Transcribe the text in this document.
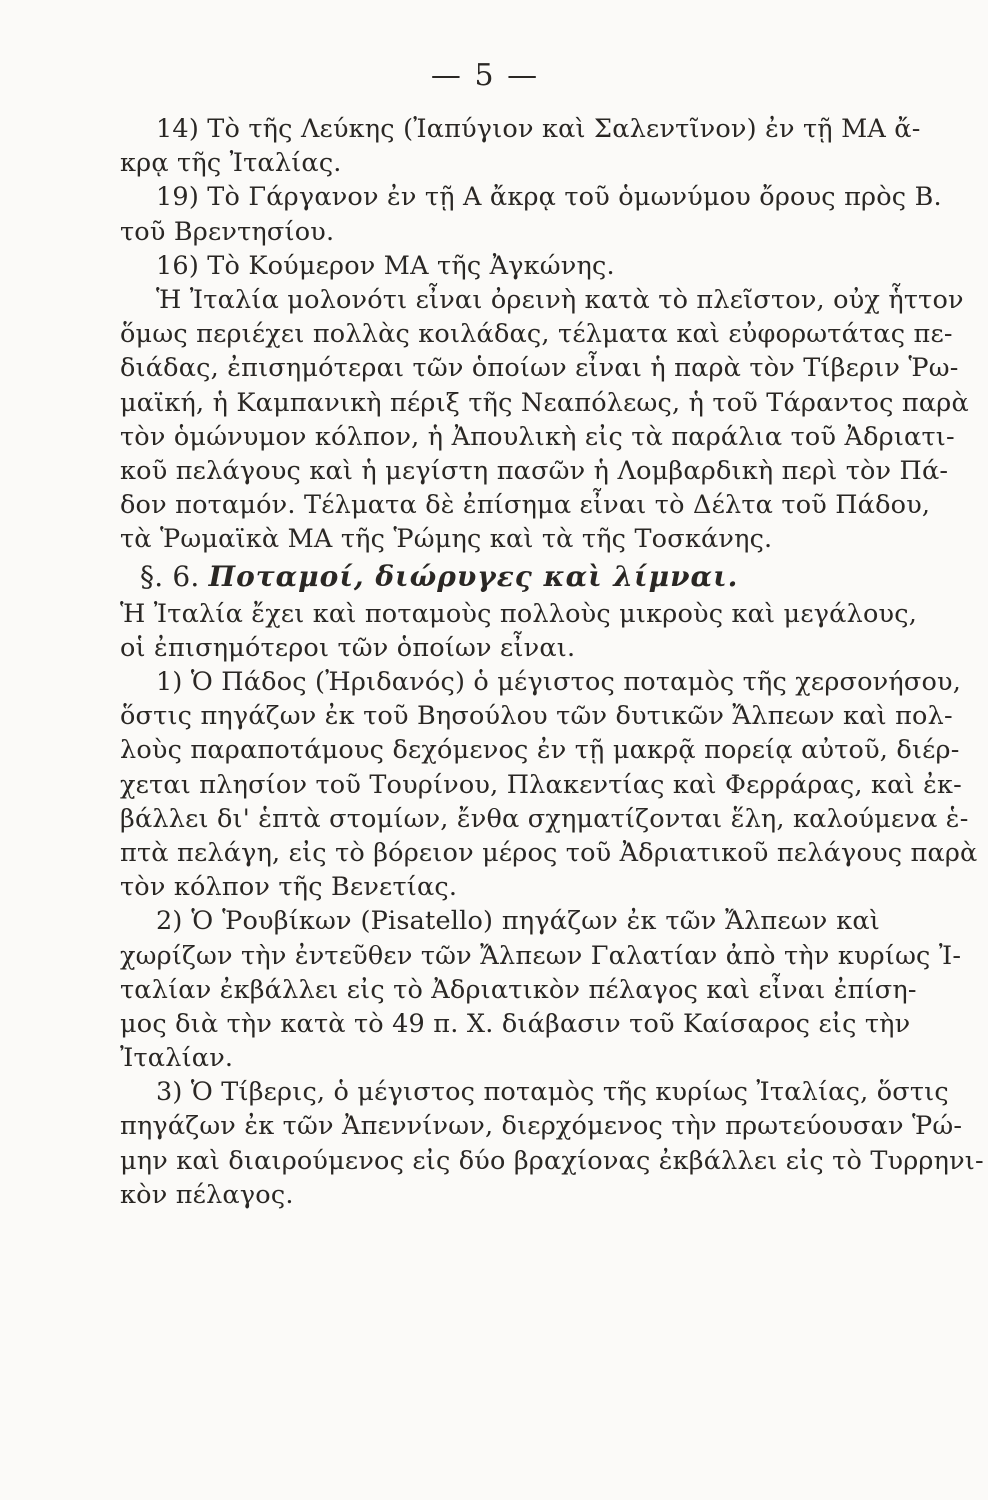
— 5 —
14) Τὸ τῆς Λεύκης (Ἰαπύγιον καὶ Σαλεντῖνον) ἐν τῇ ΜΑ ἄ-
κρᾳ τῆς Ἰταλίας.
19) Τὸ Γάργανον ἐν τῇ Α ἄκρᾳ τοῦ ὁμωνύμου ὄρους πρὸς Β.
τοῦ Βρεντησίου.
16) Τὸ Κούμερον ΜΑ τῆς Ἀγκώνης.
Ἡ Ἰταλία μολονότι εἶναι ὀρεινὴ κατὰ τὸ πλεῖστον, οὐχ ἧττον
ὅμως περιέχει πολλὰς κοιλάδας, τέλματα καὶ εὐφορωτάτας πε-
διάδας, ἐπισημότεραι τῶν ὁποίων εἶναι ἡ παρὰ τὸν Τίβεριν Ῥω-
μαϊκή, ἡ Καμπανικὴ πέριξ τῆς Νεαπόλεως, ἡ τοῦ Τάραντος παρὰ
τὸν ὁμώνυμον κόλπον, ἡ Ἀπουλικὴ εἰς τὰ παράλια τοῦ Ἀδριατι-
κοῦ πελάγους καὶ ἡ μεγίστη πασῶν ἡ Λομβαρδικὴ περὶ τὸν Πά-
δον ποταμόν. Τέλματα δὲ ἐπίσημα εἶναι τὸ Δέλτα τοῦ Πάδου,
τὰ Ῥωμαϊκὰ ΜΑ τῆς Ῥώμης καὶ τὰ τῆς Τοσκάνης.
§. 6. Ποταμοί, διώρυγες καὶ λίμναι.
Ἡ Ἰταλία ἔχει καὶ ποταμοὺς πολλοὺς μικροὺς καὶ μεγάλους,
οἱ ἐπισημότεροι τῶν ὁποίων εἶναι.
1) Ὁ Πάδος (Ἠριδανός) ὁ μέγιστος ποταμὸς τῆς χερσονήσου,
ὅστις πηγάζων ἐκ τοῦ Βησούλου τῶν δυτικῶν Ἄλπεων καὶ πολ-
λοὺς παραποτάμους δεχόμενος ἐν τῇ μακρᾷ πορείᾳ αὐτοῦ, διέρ-
χεται πλησίον τοῦ Τουρίνου, Πλακεντίας καὶ Φερράρας, καὶ ἐκ-
βάλλει δι' ἑπτὰ στομίων, ἔνθα σχηματίζονται ἕλη, καλούμενα ἑ-
πτὰ πελάγη, εἰς τὸ βόρειον μέρος τοῦ Ἀδριατικοῦ πελάγους παρὰ
τὸν κόλπον τῆς Βενετίας.
2) Ὁ Ῥουβίκων (Pisatello) πηγάζων ἐκ τῶν Ἄλπεων καὶ
χωρίζων τὴν ἐντεῦθεν τῶν Ἄλπεων Γαλατίαν ἀπὸ τὴν κυρίως Ἰ-
ταλίαν ἐκβάλλει εἰς τὸ Ἀδριατικὸν πέλαγος καὶ εἶναι ἐπίση-
μος διὰ τὴν κατὰ τὸ 49 π. Χ. διάβασιν τοῦ Καίσαρος εἰς τὴν
Ἰταλίαν.
3) Ὁ Τίβερις, ὁ μέγιστος ποταμὸς τῆς κυρίως Ἰταλίας, ὅστις
πηγάζων ἐκ τῶν Ἀπεννίνων, διερχόμενος τὴν πρωτεύουσαν Ῥώ-
μην καὶ διαιρούμενος εἰς δύο βραχίονας ἐκβάλλει εἰς τὸ Τυρρηνι-
κὸν πέλαγος.
